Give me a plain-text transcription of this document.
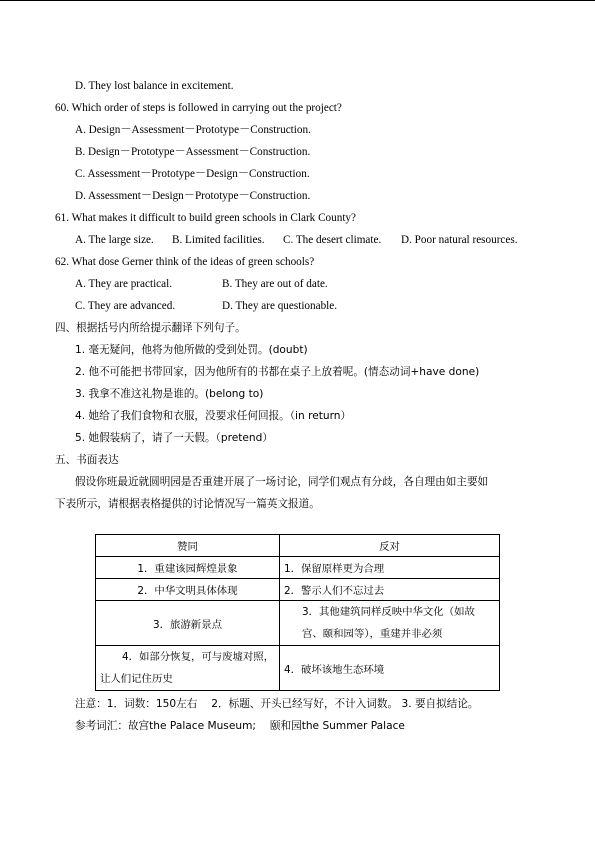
D. They lost balance in excitement.
60. Which order of steps is followed in carrying out the project?
A. Design－Assessment－Prototype－Construction.
B. Design－Prototype－Assessment－Construction.
C. Assessment－Prototype－Design－Construction.
D. Assessment－Design－Prototype－Construction.
61. What makes it difficult to build green schools in Clark County?
A. The large size. B. Limited facilities. C. The desert climate. D. Poor natural resources.
62. What dose Gerner think of the ideas of green schools?
A. They are practical.	B. They are out of date.
C. They are advanced.	D. They are questionable.
四、根据括号内所给提示翻译下列句子。
1. 毫无疑问，他将为他所做的受到处罚。(doubt)
2. 他不可能把书带回家，因为他所有的书都在桌子上放着呢。(情态动词+have done)
3. 我拿不准这礼物是谁的。(belong to)
4. 她给了我们食物和衣服，没要求任何回报。（in return）
5. 她假装病了，请了一天假。（pretend）
五、书面表达
假设你班最近就圆明园是否重建开展了一场讨论，同学们观点有分歧，各自理由如主要如
下表所示，请根据表格提供的讨论情况写一篇英文报道。
赞同	反对
1．重建该园辉煌景象	1．保留原样更为合理
2．中华文明具体体现	2．警示人们不忘过去
3．旅游新景点	3．其他建筑同样反映中华文化（如故宫、颐和园等），重建并非必须
4．如部分恢复，可与废墟对照，让人们记住历史	4．破坏该地生态环境
注意：1．词数：150左右　 2．标题、开头已经写好，不计入词数。 3. 要自拟结论。
参考词汇：故宫the Palace Museum;　 颐和园the Summer Palace
